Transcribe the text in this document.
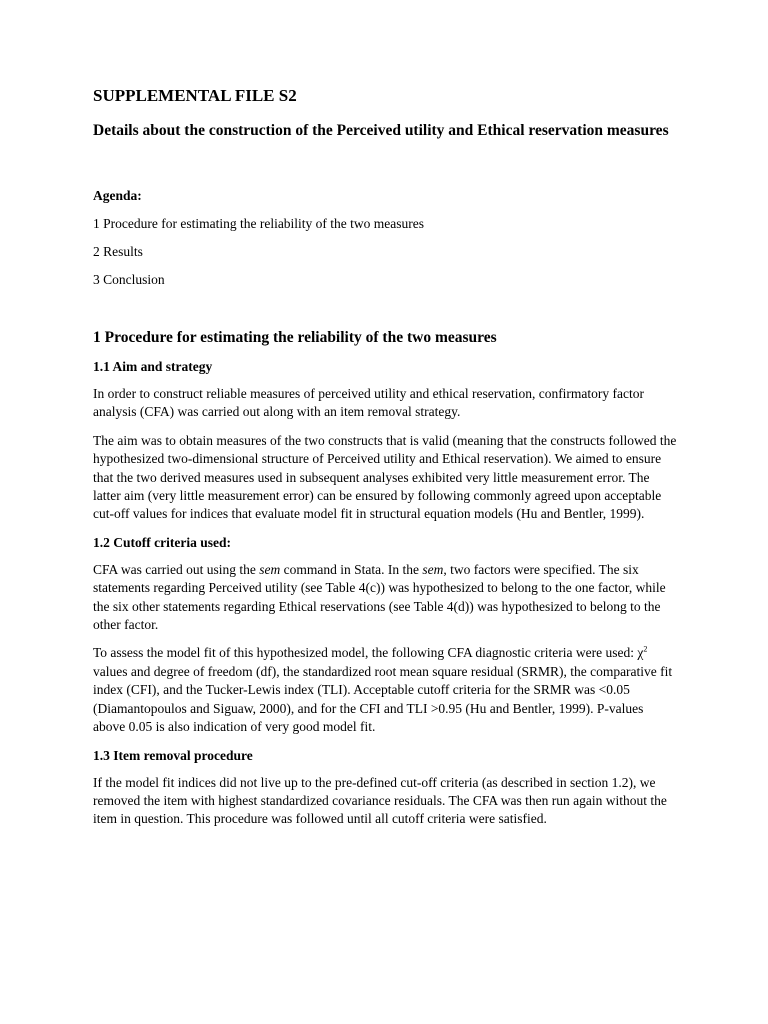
SUPPLEMENTAL FILE S2
Details about the construction of the Perceived utility and Ethical reservation measures
Agenda:
1 Procedure for estimating the reliability of the two measures
2 Results
3 Conclusion
1 Procedure for estimating the reliability of the two measures
1.1 Aim and strategy

In order to construct reliable measures of perceived utility and ethical reservation, confirmatory factor analysis (CFA) was carried out along with an item removal strategy.

The aim was to obtain measures of the two constructs that is valid (meaning that the constructs followed the hypothesized two-dimensional structure of Perceived utility and Ethical reservation). We aimed to ensure that the two derived measures used in subsequent analyses exhibited very little measurement error. The latter aim (very little measurement error) can be ensured by following commonly agreed upon acceptable cut-off values for indices that evaluate model fit in structural equation models (Hu and Bentler, 1999).

1.2 Cutoff criteria used:

CFA was carried out using the sem command in Stata. In the sem, two factors were specified. The six statements regarding Perceived utility (see Table 4(c)) was hypothesized to belong to the one factor, while the six other statements regarding Ethical reservations (see Table 4(d)) was hypothesized to belong to the other factor.

To assess the model fit of this hypothesized model, the following CFA diagnostic criteria were used: $\chi^2$ values and degree of freedom (df), the standardized root mean square residual (SRMR), the comparative fit index (CFI), and the Tucker-Lewis index (TLI). Acceptable cutoff criteria for the SRMR was <0.05 (Diamantopoulos and Siguaw, 2000), and for the CFI and TLI >0.95 (Hu and Bentler, 1999). P-values above 0.05 is also indication of very good model fit.

1.3 Item removal procedure

If the model fit indices did not live up to the pre-defined cut-off criteria (as described in section 1.2), we removed the item with highest standardized covariance residuals. The CFA was then run again without the item in question. This procedure was followed until all cutoff criteria were satisfied.
